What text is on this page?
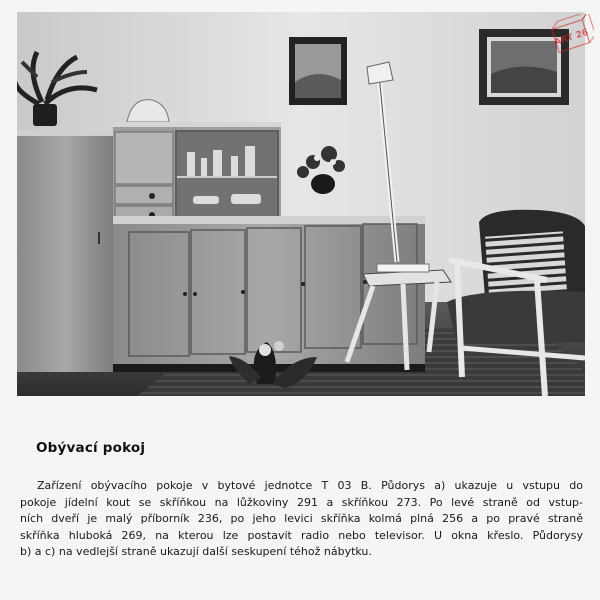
ART 26
Obývací pokoj

Zařízení obývacího pokoje v bytové jednotce T 03 B. Půdorys a) ukazuje u vstupu do
pokoje jídelní kout se skříňkou na lůžkoviny 291 a skříňkou 273. Po levé straně od vstup-
ních dveří je malý příborník 236, po jeho levici skříňka kolmá plná 256 a po pravé straně
skříňka hluboká 269, na kterou lze postavit radio nebo televisor. U okna křeslo. Půdorysy
b) a c) na vedlejší straně ukazují další seskupení téhož nábytku.
